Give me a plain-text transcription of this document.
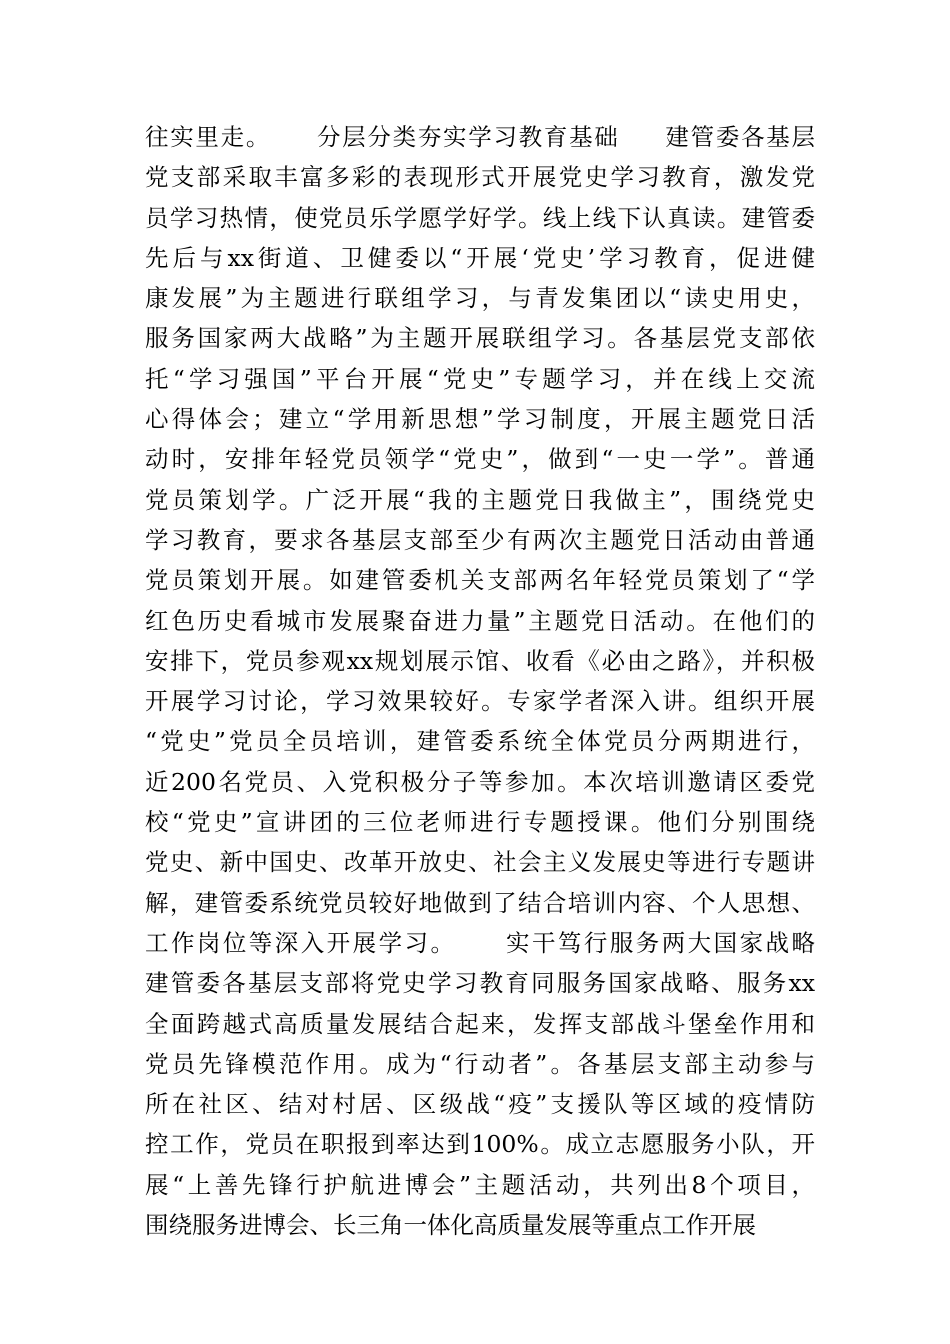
往实里走。     分层分类夯实学习教育基础     建管委各基层
党支部采取丰富多彩的表现形式开展党史学习教育，激发党
员学习热情，使党员乐学愿学好学。线上线下认真读。建管委
先后与xx街道、卫健委以“开展‘党史’学习教育，促进健
康发展”为主题进行联组学习，与青发集团以“读史用史，
服务国家两大战略”为主题开展联组学习。各基层党支部依
托“学习强国”平台开展“党史”专题学习，并在线上交流
心得体会；建立“学用新思想”学习制度，开展主题党日活
动时，安排年轻党员领学“党史”，做到“一史一学”。普通
党员策划学。广泛开展“我的主题党日我做主”，围绕党史
学习教育，要求各基层支部至少有两次主题党日活动由普通
党员策划开展。如建管委机关支部两名年轻党员策划了“学
红色历史看城市发展聚奋进力量”主题党日活动。在他们的
安排下，党员参观xx规划展示馆、收看《必由之路》，并积极
开展学习讨论，学习效果较好。专家学者深入讲。组织开展
“党史”党员全员培训，建管委系统全体党员分两期进行，
近200名党员、入党积极分子等参加。本次培训邀请区委党
校“党史”宣讲团的三位老师进行专题授课。他们分别围绕
党史、新中国史、改革开放史、社会主义发展史等进行专题讲
解，建管委系统党员较好地做到了结合培训内容、个人思想、
工作岗位等深入开展学习。     实干笃行服务两大国家战略
建管委各基层支部将党史学习教育同服务国家战略、服务xx
全面跨越式高质量发展结合起来，发挥支部战斗堡垒作用和
党员先锋模范作用。成为“行动者”。各基层支部主动参与
所在社区、结对村居、区级战“疫”支援队等区域的疫情防
控工作，党员在职报到率达到100%。成立志愿服务小队，开
展“上善先锋行护航进博会”主题活动，共列出8个项目，
围绕服务进博会、长三角一体化高质量发展等重点工作开展
